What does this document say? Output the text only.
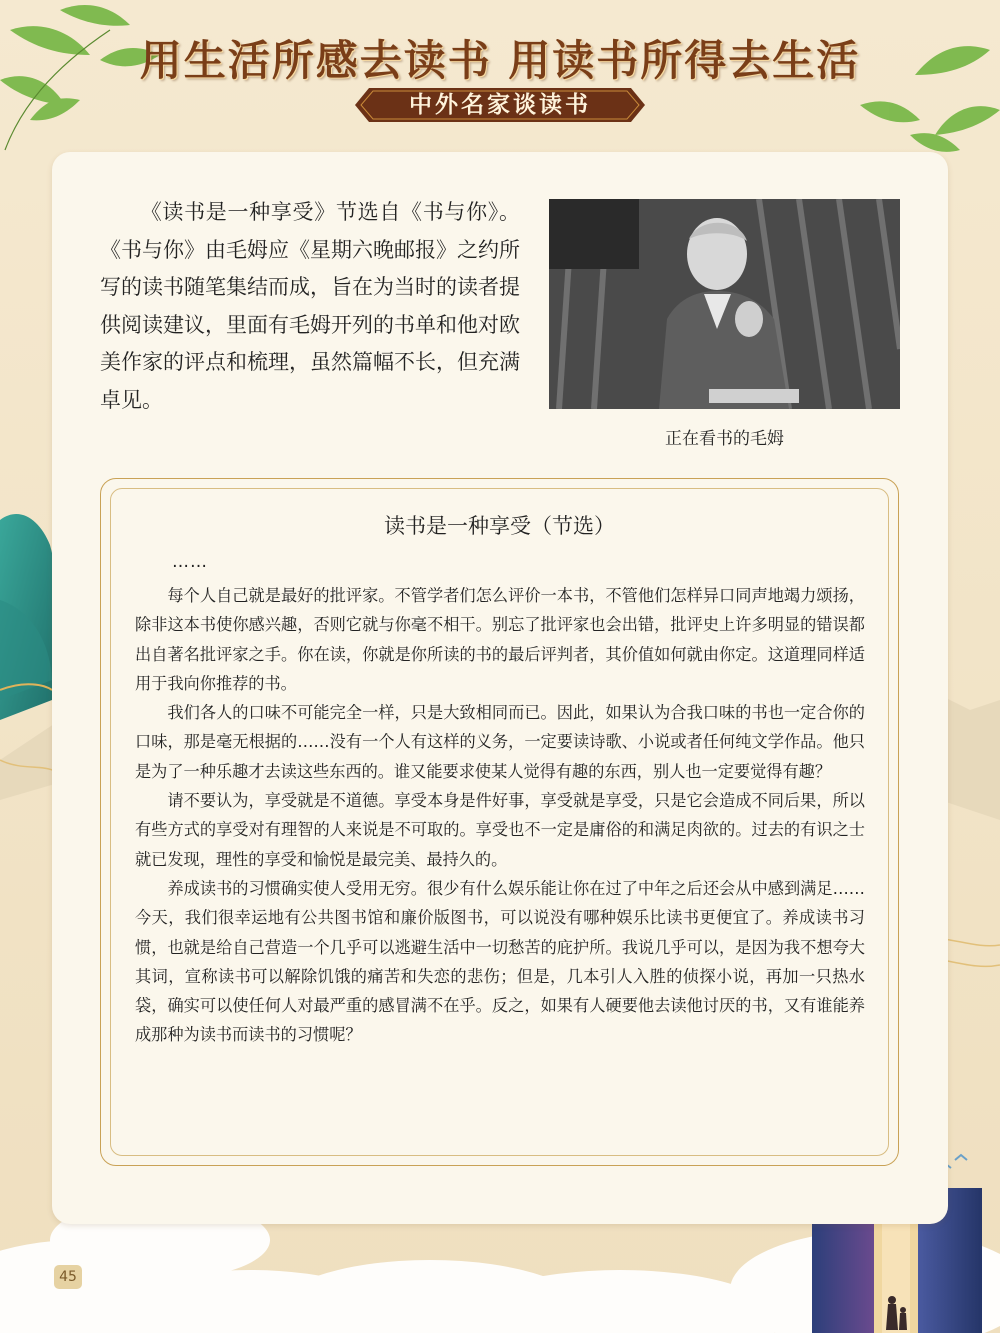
用生活所感去读书 用读书所得去生活
中外名家谈读书
《读书是一种享受》节选自《书与你》。《书与你》由毛姆应《星期六晚邮报》之约所写的读书随笔集结而成，旨在为当时的读者提供阅读建议，里面有毛姆开列的书单和他对欧美作家的评点和梳理，虽然篇幅不长，但充满卓见。
正在看书的毛姆
读书是一种享受（节选）
……

每个人自己就是最好的批评家。不管学者们怎么评价一本书，不管他们怎样异口同声地竭力颂扬，除非这本书使你感兴趣，否则它就与你毫不相干。别忘了批评家也会出错，批评史上许多明显的错误都出自著名批评家之手。你在读，你就是你所读的书的最后评判者，其价值如何就由你定。这道理同样适用于我向你推荐的书。

我们各人的口味不可能完全一样，只是大致相同而已。因此，如果认为合我口味的书也一定合你的口味，那是毫无根据的……没有一个人有这样的义务，一定要读诗歌、小说或者任何纯文学作品。他只是为了一种乐趣才去读这些东西的。谁又能要求使某人觉得有趣的东西，别人也一定要觉得有趣？

请不要认为，享受就是不道德。享受本身是件好事，享受就是享受，只是它会造成不同后果，所以有些方式的享受对有理智的人来说是不可取的。享受也不一定是庸俗的和满足肉欲的。过去的有识之士就已发现，理性的享受和愉悦是最完美、最持久的。

养成读书的习惯确实使人受用无穷。很少有什么娱乐能让你在过了中年之后还会从中感到满足……今天，我们很幸运地有公共图书馆和廉价版图书，可以说没有哪种娱乐比读书更便宜了。养成读书习惯，也就是给自己营造一个几乎可以逃避生活中一切愁苦的庇护所。我说几乎可以，是因为我不想夸大其词，宣称读书可以解除饥饿的痛苦和失恋的悲伤；但是，几本引人入胜的侦探小说，再加一只热水袋，确实可以使任何人对最严重的感冒满不在乎。反之，如果有人硬要他去读他讨厌的书，又有谁能养成那种为读书而读书的习惯呢？

45
